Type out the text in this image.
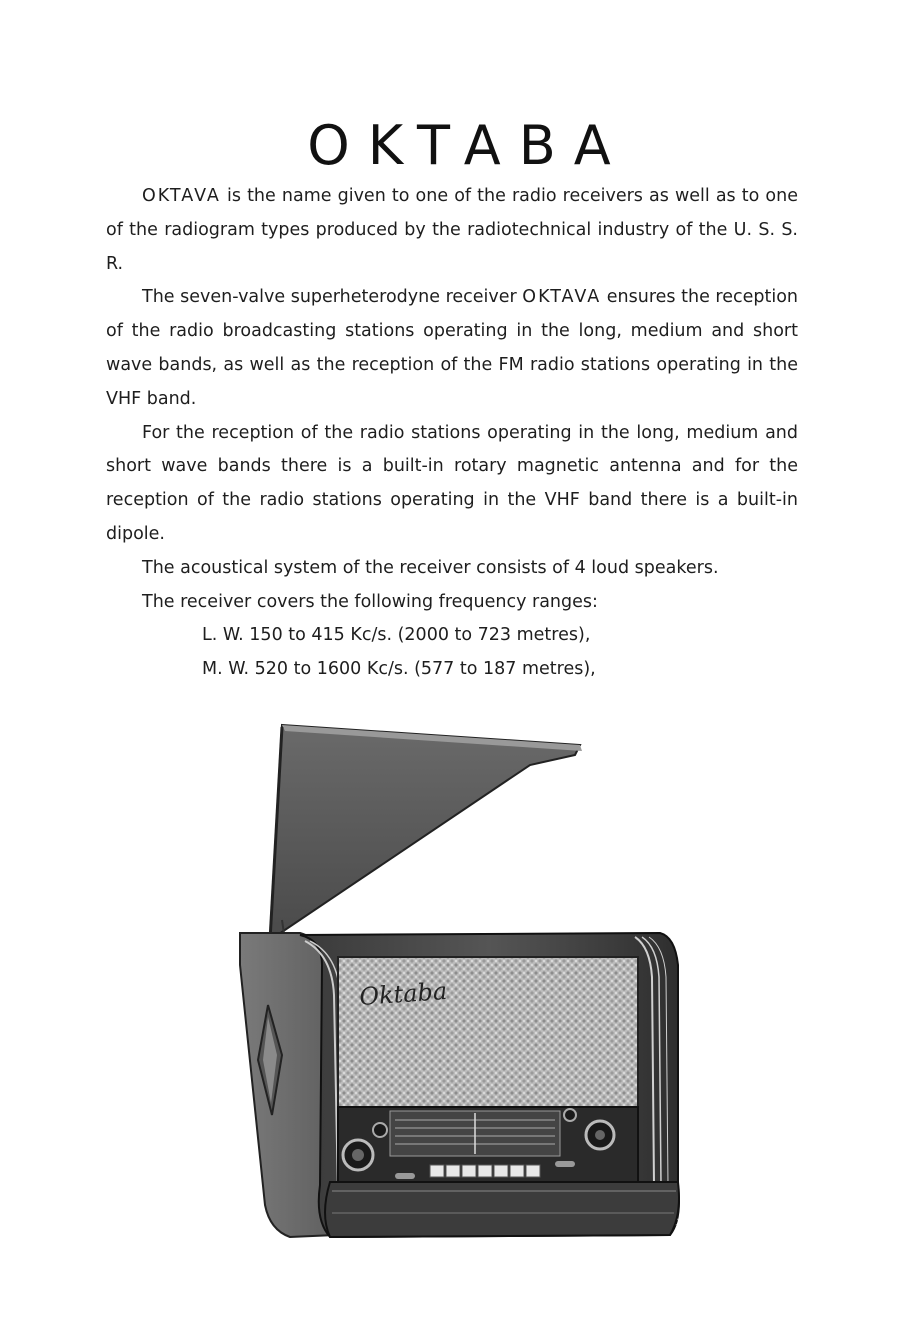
OKTABA

OKTAVA is the name given to one of the radio receivers as well as to one of the radiogram types produced by the radiotechnical industry of the U. S. S. R.

The seven-valve superheterodyne receiver OKTAVA ensures the reception of the radio broadcasting stations operating in the long, medium and short wave bands, as well as the reception of the FM radio stations operating in the VHF band.

For the reception of the radio stations operating in the long, medium and short wave bands there is a built-in rotary magnetic antenna and for the reception of the radio stations operating in the VHF band there is a built-in dipole.

The acoustical system of the receiver consists of 4 loud speakers.

The receiver covers the following frequency ranges:

L. W. 150 to 415 Kc/s. (2000 to 723 metres),

M. W. 520 to 1600 Kc/s. (577 to 187 metres),

Oktaba
